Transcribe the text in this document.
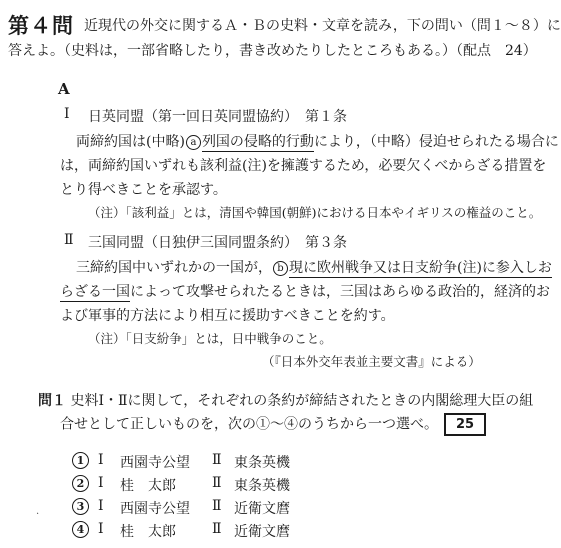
第４問 近現代の外交に関するＡ・Ｂの史料・文章を読み，下の問い（問１〜８）に
答えよ。（史料は，一部省略したり，書き改めたりしたところもある。）（配点　24）
A
Ⅰ 日英同盟（第一回日英同盟協約）　第１条
両締約国は(中略) a 列国の侵略的行動により，（中略）侵迫せられたる場合に
は，両締約国いずれも該利益(注)を擁護するため，必要欠くべからざる措置を
とり得べきことを承認す。
（注）「該利益」とは，清国や韓国(朝鮮)における日本やイギリスの権益のこと。
Ⅱ 三国同盟（日独伊三国同盟条約）　第３条
三締約国中いずれかの一国が， b 現に欧州戦争又は日支紛争(注)に参入しお
らざる一国によって攻撃せられたるときは，三国はあらゆる政治的，経済的お
よび軍事的方法により相互に援助すべきことを約す。
（注）「日支紛争」とは，日中戦争のこと。
（『日本外交年表並主要文書』による）
問１ 史料Ⅰ・Ⅱに関して，それぞれの条約が締結されたときの内閣総理大臣の組
合せとして正しいものを，次の①〜④のうちから一つ選べ。 25
1 Ⅰ 西園寺公望 Ⅱ 東条英機
2 Ⅰ 桂　太郎	Ⅱ 東条英機
3 Ⅰ 西園寺公望 Ⅱ 近衛文麿
4 Ⅰ 桂　太郎	Ⅱ 近衛文麿
.
